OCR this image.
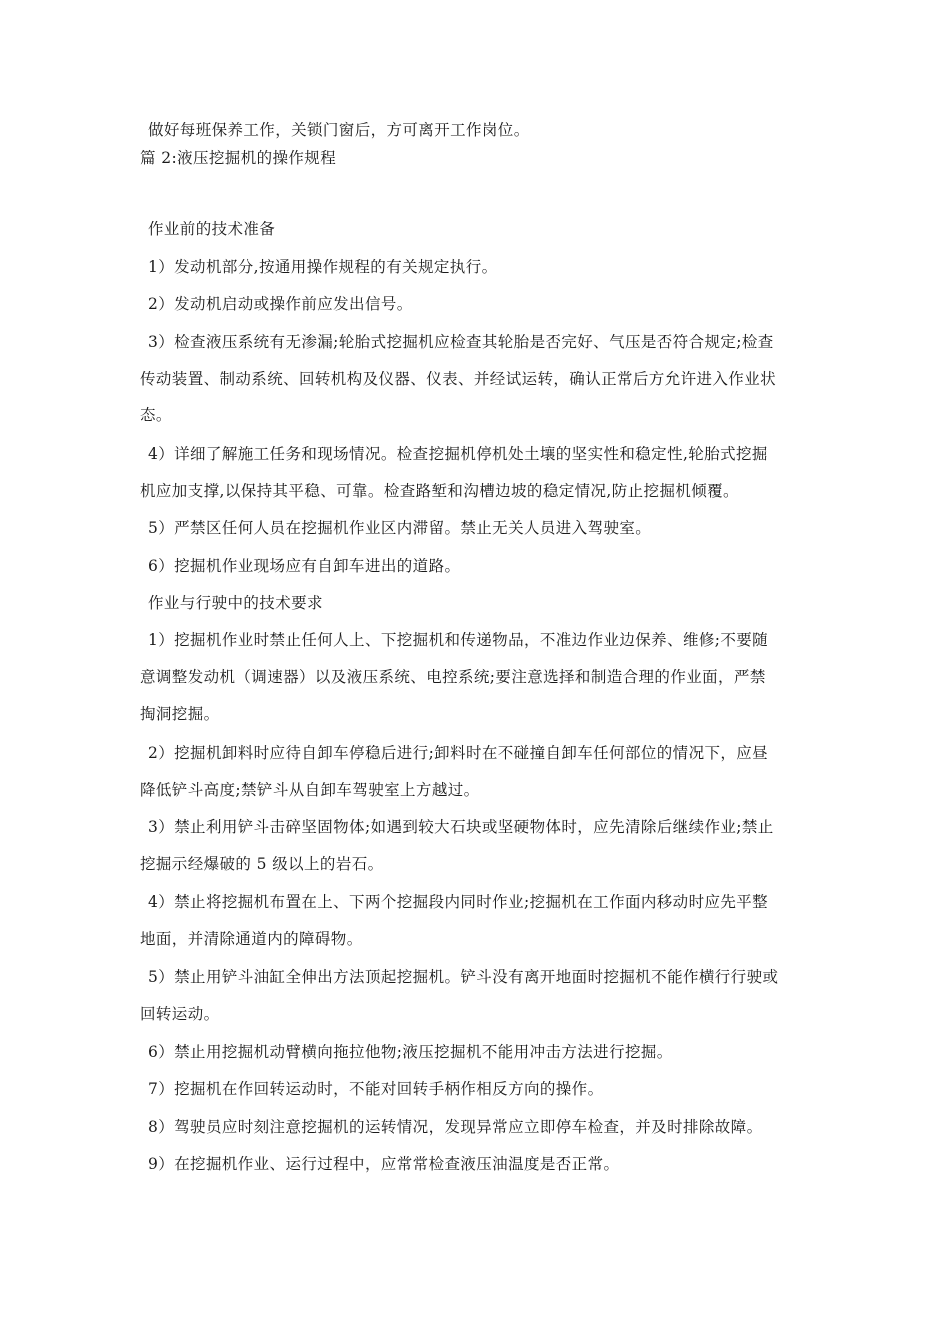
做好每班保养工作，关锁门窗后，方可离开工作岗位。
篇 2:液压挖掘机的操作规程
作业前的技术准备
1）发动机部分,按通用操作规程的有关规定执行。
2）发动机启动或操作前应发出信号。
3）检查液压系统有无渗漏;轮胎式挖掘机应检查其轮胎是否完好、气压是否符合规定;检查
传动装置、制动系统、回转机构及仪器、仪表、并经试运转，确认正常后方允许进入作业状
态。
4）详细了解施工任务和现场情况。检查挖掘机停机处土壤的坚实性和稳定性,轮胎式挖掘
机应加支撑,以保持其平稳、可靠。检查路堑和沟槽边坡的稳定情况,防止挖掘机倾覆。
5）严禁区任何人员在挖掘机作业区内滞留。禁止无关人员进入驾驶室。
6）挖掘机作业现场应有自卸车进出的道路。
作业与行驶中的技术要求
1）挖掘机作业时禁止任何人上、下挖掘机和传递物品，不准边作业边保养、维修;不要随
意调整发动机（调速器）以及液压系统、电控系统;要注意选择和制造合理的作业面，严禁
掏洞挖掘。
2）挖掘机卸料时应待自卸车停稳后进行;卸料时在不碰撞自卸车任何部位的情况下，应昼
降低铲斗高度;禁铲斗从自卸车驾驶室上方越过。
3）禁止利用铲斗击碎坚固物体;如遇到较大石块或坚硬物体时，应先清除后继续作业;禁止
挖掘示经爆破的 5 级以上的岩石。
4）禁止将挖掘机布置在上、下两个挖掘段内同时作业;挖掘机在工作面内移动时应先平整
地面，并清除通道内的障碍物。
5）禁止用铲斗油缸全伸出方法顶起挖掘机。铲斗没有离开地面时挖掘机不能作横行行驶或
回转运动。
6）禁止用挖掘机动臂横向拖拉他物;液压挖掘机不能用冲击方法进行挖掘。
7）挖掘机在作回转运动时，不能对回转手柄作相反方向的操作。
8）驾驶员应时刻注意挖掘机的运转情况，发现异常应立即停车检查，并及时排除故障。
9）在挖掘机作业、运行过程中，应常常检查液压油温度是否正常。
